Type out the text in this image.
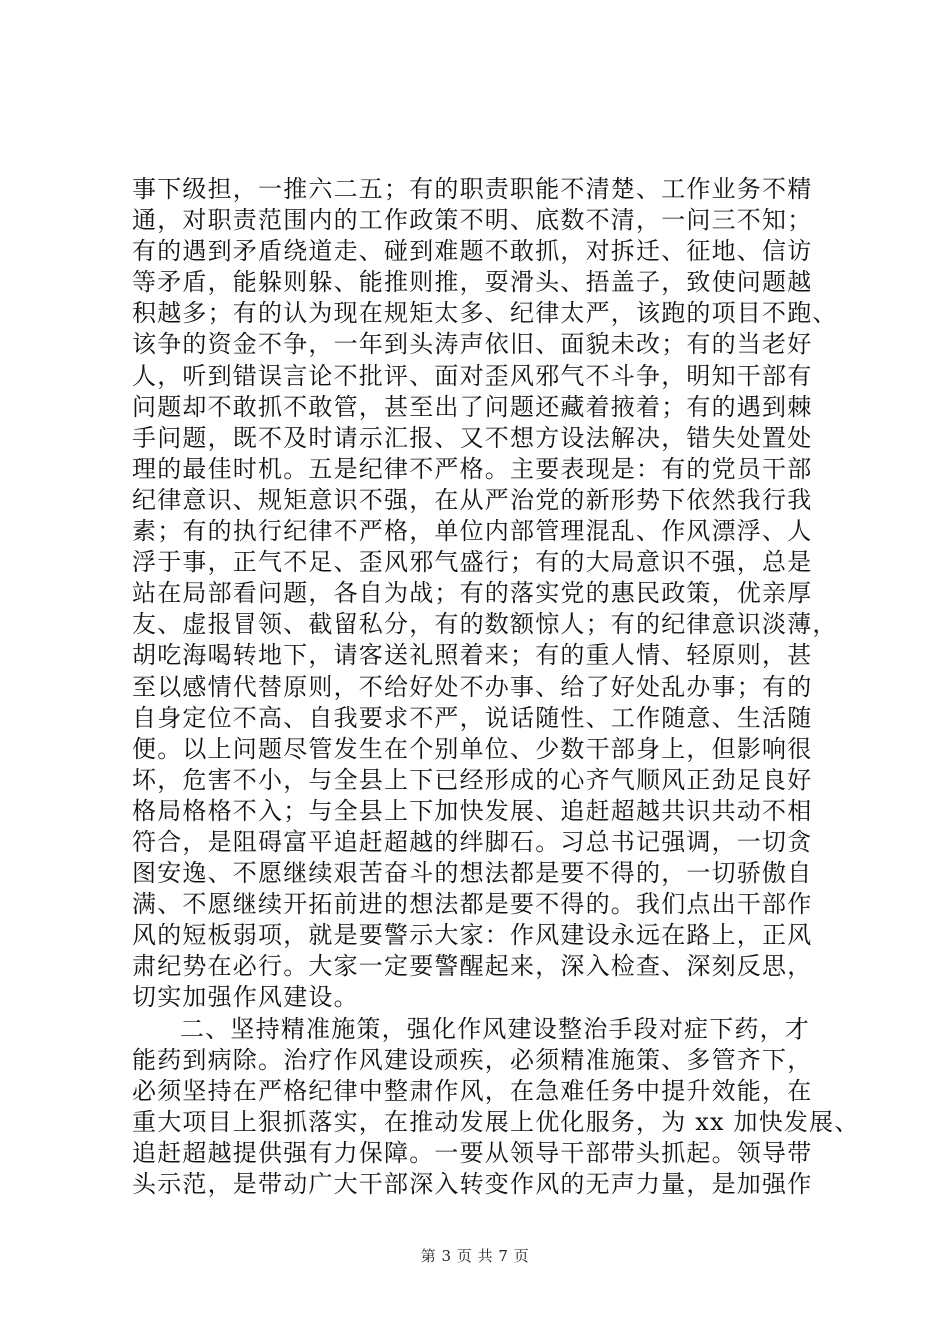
事下级担，一推六二五；有的职责职能不清楚、工作业务不精
通，对职责范围内的工作政策不明、底数不清，一问三不知；
有的遇到矛盾绕道走、碰到难题不敢抓，对拆迁、征地、信访
等矛盾，能躲则躲、能推则推，耍滑头、捂盖子，致使问题越
积越多；有的认为现在规矩太多、纪律太严，该跑的项目不跑、
该争的资金不争，一年到头涛声依旧、面貌未改；有的当老好
人，听到错误言论不批评、面对歪风邪气不斗争，明知干部有
问题却不敢抓不敢管，甚至出了问题还藏着掖着；有的遇到棘
手问题，既不及时请示汇报、又不想方设法解决，错失处置处
理的最佳时机。五是纪律不严格。主要表现是：有的党员干部
纪律意识、规矩意识不强，在从严治党的新形势下依然我行我
素；有的执行纪律不严格，单位内部管理混乱、作风漂浮、人
浮于事，正气不足、歪风邪气盛行；有的大局意识不强，总是
站在局部看问题，各自为战；有的落实党的惠民政策，优亲厚
友、虚报冒领、截留私分，有的数额惊人；有的纪律意识淡薄，
胡吃海喝转地下，请客送礼照着来；有的重人情、轻原则，甚
至以感情代替原则，不给好处不办事、给了好处乱办事；有的
自身定位不高、自我要求不严，说话随性、工作随意、生活随
便。以上问题尽管发生在个别单位、少数干部身上，但影响很
坏，危害不小，与全县上下已经形成的心齐气顺风正劲足良好
格局格格不入；与全县上下加快发展、追赶超越共识共动不相
符合，是阻碍富平追赶超越的绊脚石。习总书记强调，一切贪
图安逸、不愿继续艰苦奋斗的想法都是要不得的，一切骄傲自
满、不愿继续开拓前进的想法都是要不得的。我们点出干部作
风的短板弱项，就是要警示大家：作风建设永远在路上，正风
肃纪势在必行。大家一定要警醒起来，深入检查、深刻反思，
切实加强作风建设。
二、坚持精准施策，强化作风建设整治手段对症下药，才
能药到病除。治疗作风建设顽疾，必须精准施策、多管齐下，
必须坚持在严格纪律中整肃作风，在急难任务中提升效能，在
重大项目上狠抓落实，在推动发展上优化服务，为 xx 加快发展、
追赶超越提供强有力保障。一要从领导干部带头抓起。领导带
头示范，是带动广大干部深入转变作风的无声力量，是加强作
第 3 页 共 7 页
